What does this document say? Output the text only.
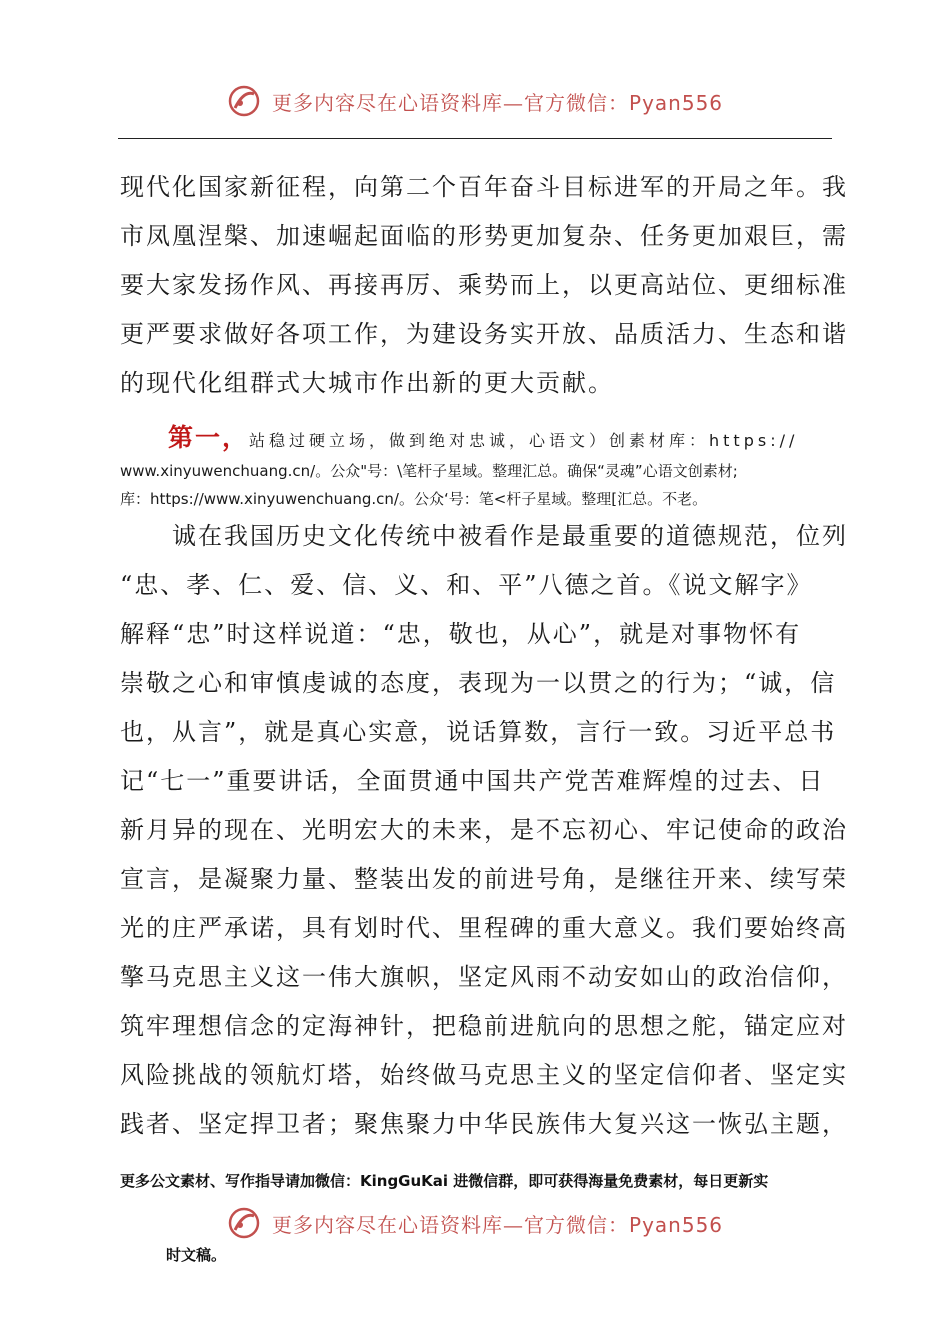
更多内容尽在心语资料库—官方微信：Pyan556
现代化国家新征程，向第二个百年奋斗目标进军的开局之年。我
市凤凰涅槃、加速崛起面临的形势更加复杂、任务更加艰巨，需
要大家发扬作风、再接再厉、乘势而上，以更高站位、更细标准
更严要求做好各项工作，为建设务实开放、品质活力、生态和谐
的现代化组群式大城市作出新的更大贡献。
第一，站稳过硬立场，做到绝对忠诚，心语文）创素材库：https://
www.xinyuwenchuang.cn/。公众"号：\笔杆子星域。整理汇总。确保“灵魂”心语文创素材;
库：https://www.xinyuwenchuang.cn/。公众‘号：笔<杆子星域。整理[汇总。不老。
　　诚在我国历史文化传统中被看作是最重要的道德规范，位列
“忠、孝、仁、爱、信、义、和、平”八德之首。《说文解字》
解释“忠”时这样说道：“忠，敬也，从心”，就是对事物怀有
崇敬之心和审慎虔诚的态度，表现为一以贯之的行为；“诚，信
也，从言”，就是真心实意，说话算数，言行一致。习近平总书
记“七一”重要讲话，全面贯通中国共产党苦难辉煌的过去、日
新月异的现在、光明宏大的未来，是不忘初心、牢记使命的政治
宣言，是凝聚力量、整装出发的前进号角，是继往开来、续写荣
光的庄严承诺，具有划时代、里程碑的重大意义。我们要始终高
擎马克思主义这一伟大旗帜，坚定风雨不动安如山的政治信仰，
筑牢理想信念的定海神针，把稳前进航向的思想之舵，锚定应对
风险挑战的领航灯塔，始终做马克思主义的坚定信仰者、坚定实
践者、坚定捍卫者；聚焦聚力中华民族伟大复兴这一恢弘主题，
更多公文素材、写作指导请加微信：KingGuKai 进微信群，即可获得海量免费素材，每日更新实
更多内容尽在心语资料库—官方微信：Pyan556
时文稿。
